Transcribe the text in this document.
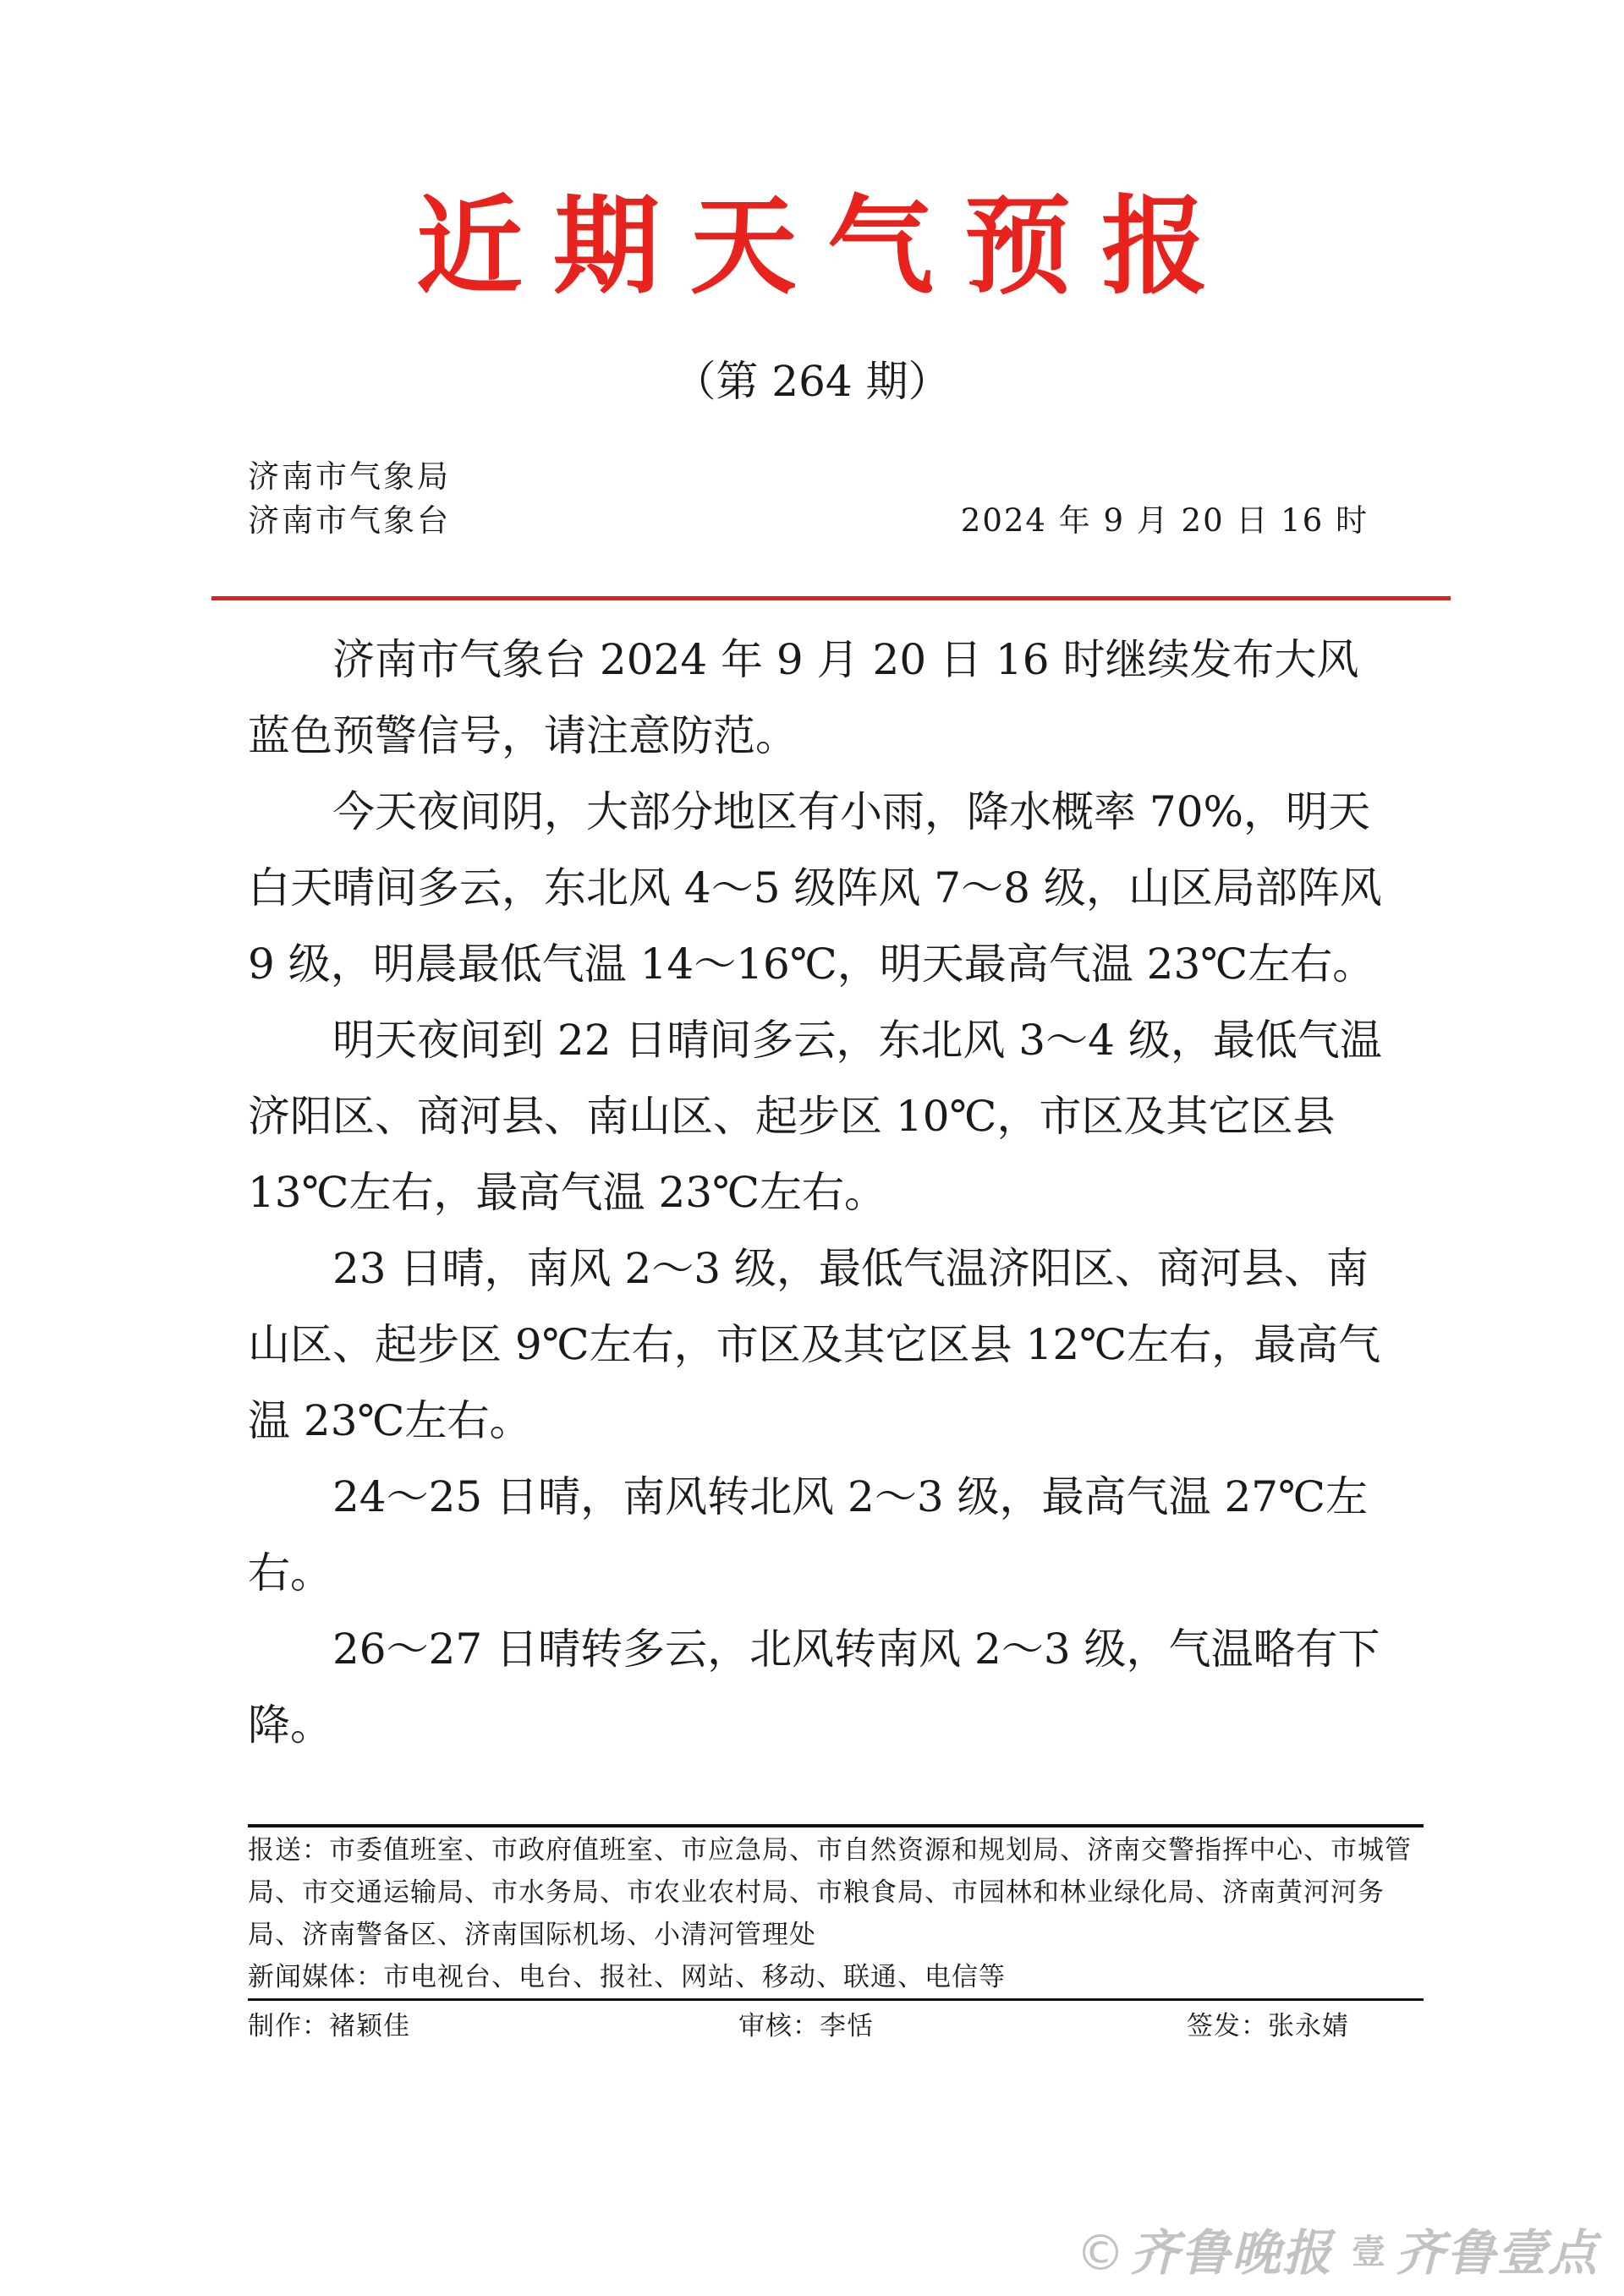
近期天气预报
（第 264 期）
济南市气象局
济南市气象台	2024 年 9 月 20 日 16 时

济南市气象台 2024 年 9 月 20 日 16 时继续发布大风蓝色预警信号，请注意防范。

今天夜间阴，大部分地区有小雨，降水概率 70%，明天白天晴间多云，东北风 4～5 级阵风 7～8 级，山区局部阵风 9 级，明晨最低气温 14～16℃，明天最高气温 23℃左右。

明天夜间到 22 日晴间多云，东北风 3～4 级，最低气温济阳区、商河县、南山区、起步区 10℃，市区及其它区县 13℃左右，最高气温 23℃左右。

23 日晴，南风 2～3 级，最低气温济阳区、商河县、南山区、起步区 9℃左右，市区及其它区县 12℃左右，最高气温 23℃左右。

24～25 日晴，南风转北风 2～3 级，最高气温 27℃左右。

26～27 日晴转多云，北风转南风 2～3 级，气温略有下降。

报送：市委值班室、市政府值班室、市应急局、市自然资源和规划局、济南交警指挥中心、市城管局、市交通运输局、市水务局、市农业农村局、市粮食局、市园林和林业绿化局、济南黄河河务局、济南警备区、济南国际机场、小清河管理处

新闻媒体：市电视台、电台、报社、网站、移动、联通、电信等

制作：褚颖佳	审核：李恬	签发：张永婧
©齐鲁晚报 壹 齐鲁壹点
